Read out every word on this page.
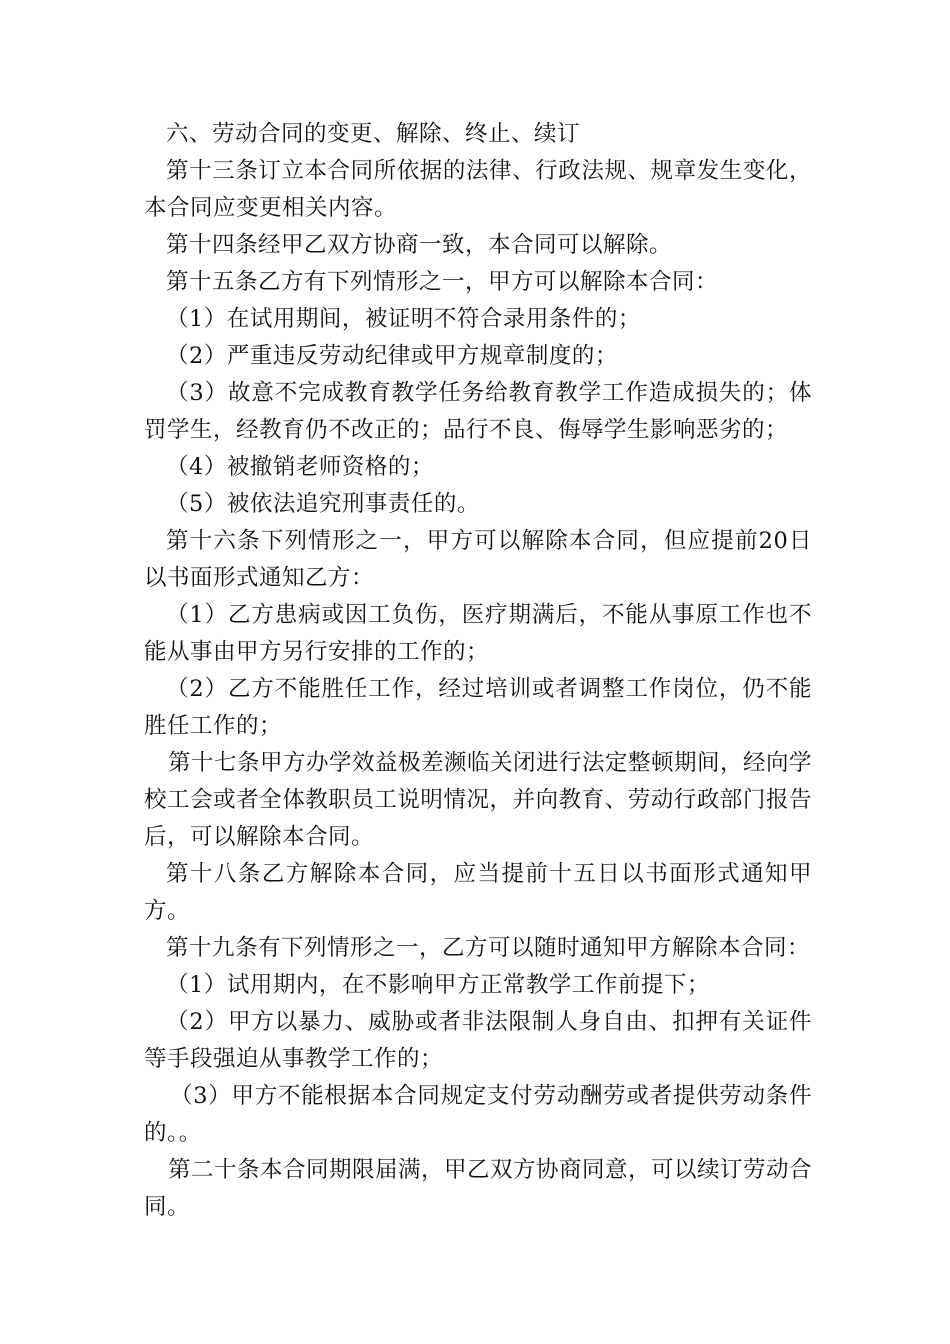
六、劳动合同的变更、解除、终止、续订

第十三条订立本合同所依据的法律、行政法规、规章发生变化，本合同应变更相关内容。

第十四条经甲乙双方协商一致，本合同可以解除。

第十五条乙方有下列情形之一，甲方可以解除本合同：

（1）在试用期间，被证明不符合录用条件的；

（2）严重违反劳动纪律或甲方规章制度的；

（3）故意不完成教育教学任务给教育教学工作造成损失的；体罚学生，经教育仍不改正的；品行不良、侮辱学生影响恶劣的；

（4）被撤销老师资格的；

（5）被依法追究刑事责任的。

第十六条下列情形之一，甲方可以解除本合同，但应提前20日以书面形式通知乙方：

（1）乙方患病或因工负伤，医疗期满后，不能从事原工作也不能从事由甲方另行安排的工作的；

（2）乙方不能胜任工作，经过培训或者调整工作岗位，仍不能胜任工作的；

第十七条甲方办学效益极差濒临关闭进行法定整顿期间，经向学校工会或者全体教职员工说明情况，并向教育、劳动行政部门报告后，可以解除本合同。

第十八条乙方解除本合同，应当提前十五日以书面形式通知甲方。

第十九条有下列情形之一，乙方可以随时通知甲方解除本合同：

（1）试用期内，在不影响甲方正常教学工作前提下；

（2）甲方以暴力、威胁或者非法限制人身自由、扣押有关证件等手段强迫从事教学工作的；

（3）甲方不能根据本合同规定支付劳动酬劳或者提供劳动条件的。。

第二十条本合同期限届满，甲乙双方协商同意，可以续订劳动合同。
